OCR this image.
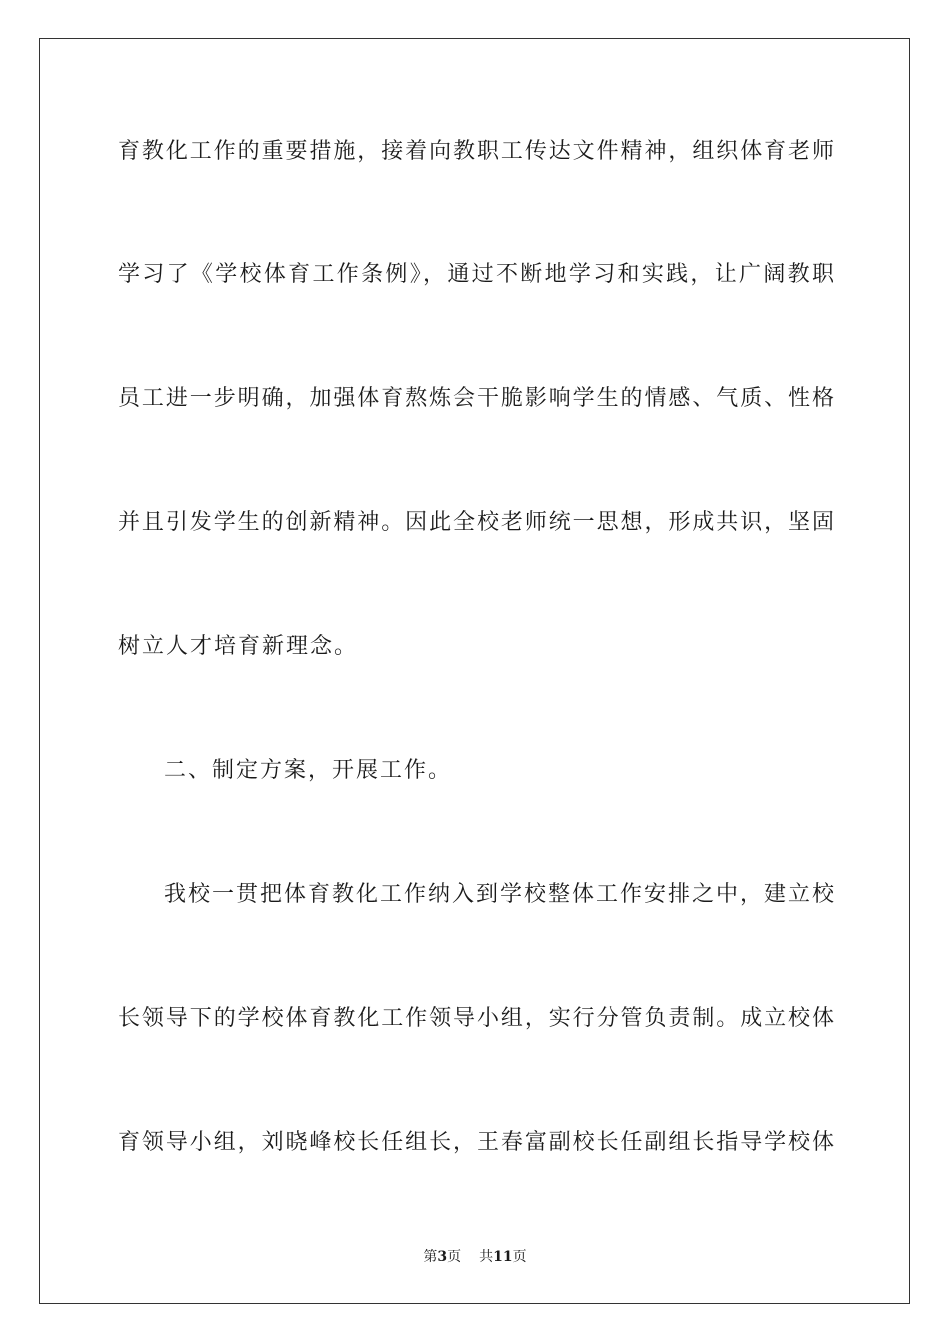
育教化工作的重要措施，接着向教职工传达文件精神，组织体育老师
学习了《学校体育工作条例》，通过不断地学习和实践，让广阔教职
员工进一步明确，加强体育熬炼会干脆影响学生的情感、气质、性格
并且引发学生的创新精神。因此全校老师统一思想，形成共识，坚固
树立人才培育新理念。
二、制定方案，开展工作。
我校一贯把体育教化工作纳入到学校整体工作安排之中，建立校
长领导下的学校体育教化工作领导小组，实行分管负责制。成立校体
育领导小组，刘晓峰校长任组长，王春富副校长任副组长指导学校体
第3页 共11页
